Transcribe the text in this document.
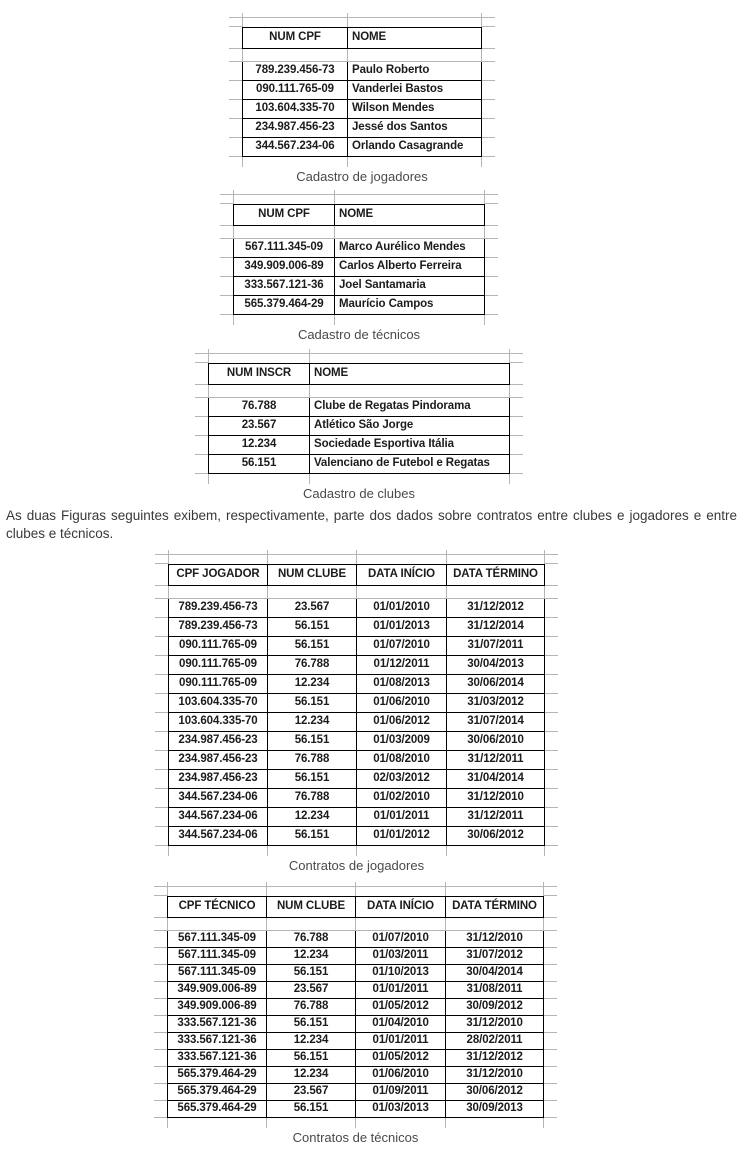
	NUM CPF	NOME	

	789.239.456-73	Paulo Roberto	
	090.111.765-09	Vanderlei Bastos	
	103.604.335-70	Wilson Mendes	
	234.987.456-23	Jessé dos Santos	
	344.567.234-06	Orlando Casagrande	

Cadastro de jogadores

	NUM CPF	NOME	

	567.111.345-09	Marco Aurélico Mendes	
	349.909.006-89	Carlos Alberto Ferreira	
	333.567.121-36	Joel Santamaria	
	565.379.464-29	Maurício Campos	

Cadastro de técnicos

	NUM INSCR	NOME	

	76.788	Clube de Regatas Pindorama	
	23.567	Atlético São Jorge	
	12.234	Sociedade Esportiva Itália	
	56.151	Valenciano de Futebol e Regatas	

Cadastro de clubes

As duas Figuras seguintes exibem, respectivamente, parte dos dados sobre contratos entre clubes e jogadores e entre clubes e técnicos.

	CPF JOGADOR	NUM CLUBE	DATA INÍCIO	DATA TÉRMINO	

	789.239.456-73	23.567	01/01/2010	31/12/2012	
	789.239.456-73	56.151	01/01/2013	31/12/2014	
	090.111.765-09	56.151	01/07/2010	31/07/2011	
	090.111.765-09	76.788	01/12/2011	30/04/2013	
	090.111.765-09	12.234	01/08/2013	30/06/2014	
	103.604.335-70	56.151	01/06/2010	31/03/2012	
	103.604.335-70	12.234	01/06/2012	31/07/2014	
	234.987.456-23	56.151	01/03/2009	30/06/2010	
	234.987.456-23	76.788	01/08/2010	31/12/2011	
	234.987.456-23	56.151	02/03/2012	31/04/2014	
	344.567.234-06	76.788	01/02/2010	31/12/2010	
	344.567.234-06	12.234	01/01/2011	31/12/2011	
	344.567.234-06	56.151	01/01/2012	30/06/2012	

Contratos de jogadores

	CPF TÉCNICO	NUM CLUBE	DATA INÍCIO	DATA TÉRMINO	

	567.111.345-09	76.788	01/07/2010	31/12/2010	
	567.111.345-09	12.234	01/03/2011	31/07/2012	
	567.111.345-09	56.151	01/10/2013	30/04/2014	
	349.909.006-89	23.567	01/01/2011	31/08/2011	
	349.909.006-89	76.788	01/05/2012	30/09/2012	
	333.567.121-36	56.151	01/04/2010	31/12/2010	
	333.567.121-36	12.234	01/01/2011	28/02/2011	
	333.567.121-36	56.151	01/05/2012	31/12/2012	
	565.379.464-29	12.234	01/06/2010	31/12/2010	
	565.379.464-29	23.567	01/09/2011	30/06/2012	
	565.379.464-29	56.151	01/03/2013	30/09/2013	

Contratos de técnicos
